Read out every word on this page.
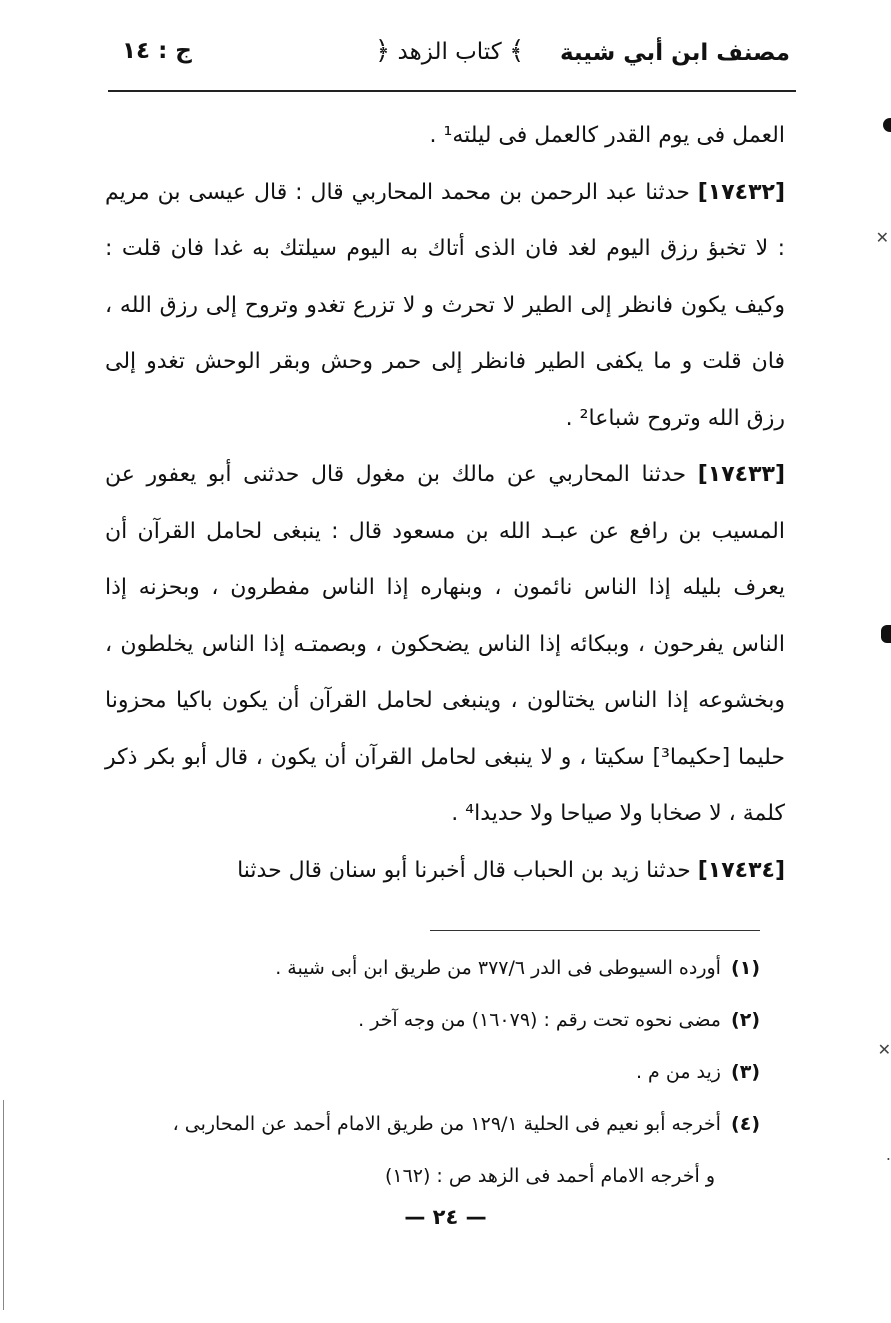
مصنف ابن أبي شيبة
﴾ كتاب الزهد ﴿
ج : ١٤

العمل فى يوم القدر كالعمل فى ليلته¹ .

[١٧٤٣٢] حدثنا عبد الرحمن بن محمد المحاربي قال : قال عيسى بن مريم : لا تخبؤ رزق اليوم لغد فان الذى أتاك به اليوم سيلتك به غدا فان قلت : وكيف يكون فانظر إلى الطير لا تحرث و لا تزرع تغدو وتروح إلى رزق الله ، فان قلت و ما يكفى الطير فانظر إلى حمر وحش وبقر الوحش تغدو إلى رزق الله وتروح شباعا² .

[١٧٤٣٣] حدثنا المحاربي عن مالك بن مغول قال حدثنى أبو يعفور عن المسيب بن رافع عن عبـد الله بن مسعود قال : ينبغى لحامل القرآن أن يعرف بليله إذا الناس نائمون ، وبنهاره إذا الناس مفطرون ، وبحزنه إذا الناس يفرحون ، وببكائه إذا الناس يضحكون ، وبصمتـه إذا الناس يخلطون ، وبخشوعه إذا الناس يختالون ، وينبغى لحامل القرآن أن يكون باكيا محزونا حليما [حكيما³] سكيتا ، و لا ينبغى لحامل القرآن أن يكون ، قال أبو بكر ذكر كلمة ، لا صخابا ولا صياحا ولا حديدا⁴ .

[١٧٤٣٤] حدثنا زيد بن الحباب قال أخبرنا أبو سنان قال حدثنا

(١) أورده السيوطى فى الدر ٣٧٧/٦ من طريق ابن أبى شيبة .

(٢) مضى نحوه تحت رقم : (١٦٠٧٩) من وجه آخر .

(٣) زيد من م .

(٤) أخرجه أبو نعيم فى الحلية ١٢٩/١ من طريق الامام أحمد عن المحاربى ،

و أخرجه الامام أحمد فى الزهد ص : (١٦٢)

— ٢٤ —
✕
✕
.
